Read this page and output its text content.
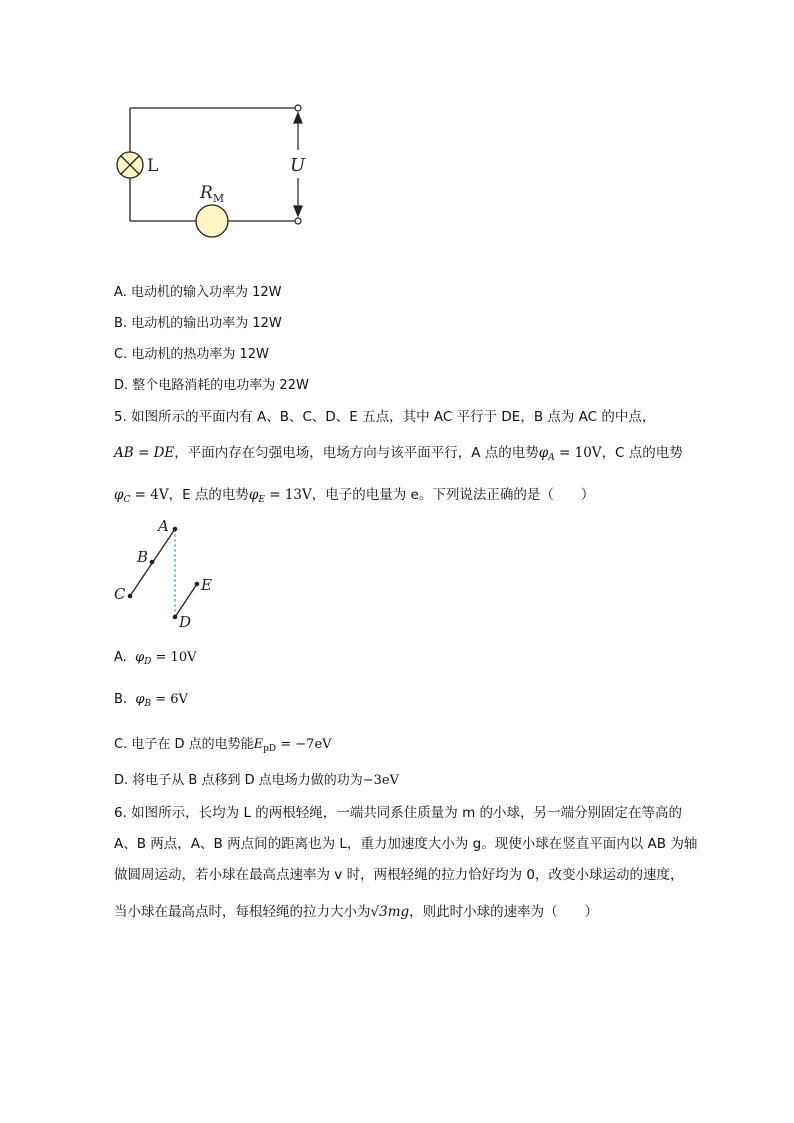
L	U
$R_M$
A. 电动机的输入功率为 12W
B. 电动机的输出功率为 12W
C. 电动机的热功率为 12W
D. 整个电路消耗的电功率为 22W
5. 如图所示的平面内有 A、B、C、D、E 五点，其中 AC 平行于 DE，B 点为 AC 的中点，
AB = DE，平面内存在匀强电场，电场方向与该平面平行，A 点的电势$\varphi_A = 10V$，C 点的电势
$\varphi_C = 4V$，E 点的电势$\varphi_E = 13V$，电子的电量为 e。下列说法正确的是（　　）
A
B
C
D
E
A. $\varphi_D = 10V$
B. $\varphi_B = 6V$
C. 电子在 D 点的电势能$E_{pD} = -7eV$
D. 将电子从 B 点移到 D 点电场力做的功为−3eV
6. 如图所示，长均为 L 的两根轻绳，一端共同系住质量为 m 的小球，另一端分别固定在等高的
A、B 两点，A、B 两点间的距离也为 L，重力加速度大小为 g。现使小球在竖直平面内以 AB 为轴
做圆周运动，若小球在最高点速率为 v 时，两根轻绳的拉力恰好均为 0，改变小球运动的速度，
当小球在最高点时，每根轻绳的拉力大小为√3mg，则此时小球的速率为（　　）
